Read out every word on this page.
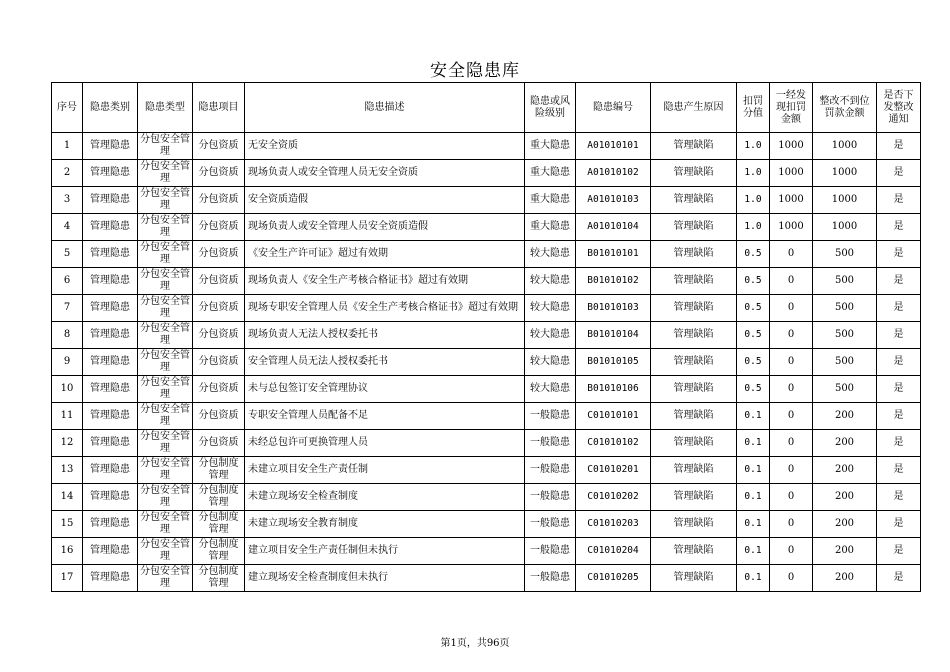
安全隐患库
序号	隐患类别	隐患类型	隐患项目	隐患描述	隐患或风险级别	隐患编号	隐患产生原因	扣罚分值	一经发现扣罚金额	整改不到位罚款金额	是否下发整改通知
1	管理隐患	分包安全管理	分包资质	无安全资质	重大隐患	A01010101	管理缺陷	1.0	1000	1000	是
2	管理隐患	分包安全管理	分包资质	现场负责人或安全管理人员无安全资质	重大隐患	A01010102	管理缺陷	1.0	1000	1000	是
3	管理隐患	分包安全管理	分包资质	安全资质造假	重大隐患	A01010103	管理缺陷	1.0	1000	1000	是
4	管理隐患	分包安全管理	分包资质	现场负责人或安全管理人员安全资质造假	重大隐患	A01010104	管理缺陷	1.0	1000	1000	是
5	管理隐患	分包安全管理	分包资质	《安全生产许可证》超过有效期	较大隐患	B01010101	管理缺陷	0.5	0	500	是
6	管理隐患	分包安全管理	分包资质	现场负责人《安全生产考核合格证书》超过有效期	较大隐患	B01010102	管理缺陷	0.5	0	500	是
7	管理隐患	分包安全管理	分包资质	现场专职安全管理人员《安全生产考核合格证书》超过有效期	较大隐患	B01010103	管理缺陷	0.5	0	500	是
8	管理隐患	分包安全管理	分包资质	现场负责人无法人授权委托书	较大隐患	B01010104	管理缺陷	0.5	0	500	是
9	管理隐患	分包安全管理	分包资质	安全管理人员无法人授权委托书	较大隐患	B01010105	管理缺陷	0.5	0	500	是
10	管理隐患	分包安全管理	分包资质	未与总包签订安全管理协议	较大隐患	B01010106	管理缺陷	0.5	0	500	是
11	管理隐患	分包安全管理	分包资质	专职安全管理人员配备不足	一般隐患	C01010101	管理缺陷	0.1	0	200	是
12	管理隐患	分包安全管理	分包资质	未经总包许可更换管理人员	一般隐患	C01010102	管理缺陷	0.1	0	200	是
13	管理隐患	分包安全管理	分包制度管理	未建立项目安全生产责任制	一般隐患	C01010201	管理缺陷	0.1	0	200	是
14	管理隐患	分包安全管理	分包制度管理	未建立现场安全检查制度	一般隐患	C01010202	管理缺陷	0.1	0	200	是
15	管理隐患	分包安全管理	分包制度管理	未建立现场安全教育制度	一般隐患	C01010203	管理缺陷	0.1	0	200	是
16	管理隐患	分包安全管理	分包制度管理	建立项目安全生产责任制但未执行	一般隐患	C01010204	管理缺陷	0.1	0	200	是
17	管理隐患	分包安全管理	分包制度管理	建立现场安全检查制度但未执行	一般隐患	C01010205	管理缺陷	0.1	0	200	是
第1页，共96页
